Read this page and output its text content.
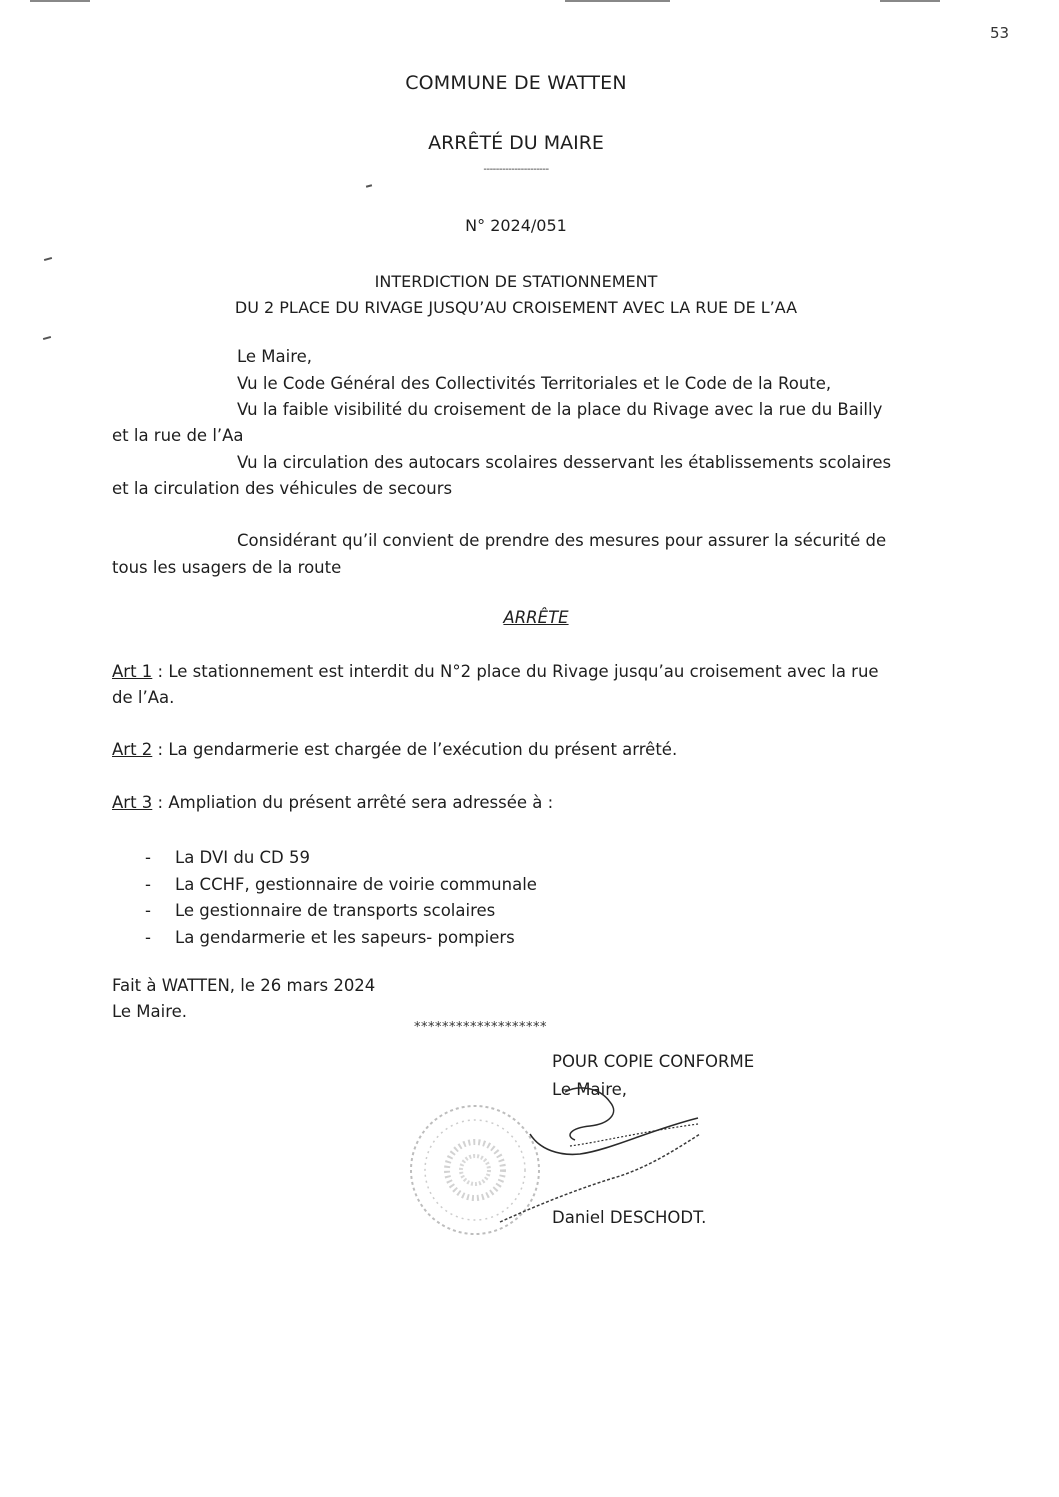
53
COMMUNE DE WATTEN
ARRÊTÉ DU MAIRE
---------------------
N° 2024/051
INTERDICTION DE STATIONNEMENT
DU 2 PLACE DU RIVAGE JUSQU’AU CROISEMENT AVEC LA RUE DE L’AA
Le Maire,
Vu le Code Général des Collectivités Territoriales et le Code de la Route,
Vu la faible visibilité du croisement de la place du Rivage avec la rue du Bailly
et la rue de l’Aa
Vu la circulation des autocars scolaires desservant les établissements scolaires
et la circulation des véhicules de secours
Considérant qu’il convient de prendre des mesures pour assurer la sécurité de
tous les usagers de la route
ARRÊTE
Art 1 : Le stationnement est interdit du N°2 place du Rivage jusqu’au croisement avec la rue
de l’Aa.
Art 2 : La gendarmerie est chargée de l’exécution du présent arrêté.
Art 3 : Ampliation du présent arrêté sera adressée à :
- La DVI du CD 59
- La CCHF, gestionnaire de voirie communale
- Le gestionnaire de transports scolaires
- La gendarmerie et les sapeurs- pompiers
Fait à WATTEN, le 26 mars 2024
Le Maire.
*******************
POUR COPIE CONFORME
Le Maire,
Daniel DESCHODT.
